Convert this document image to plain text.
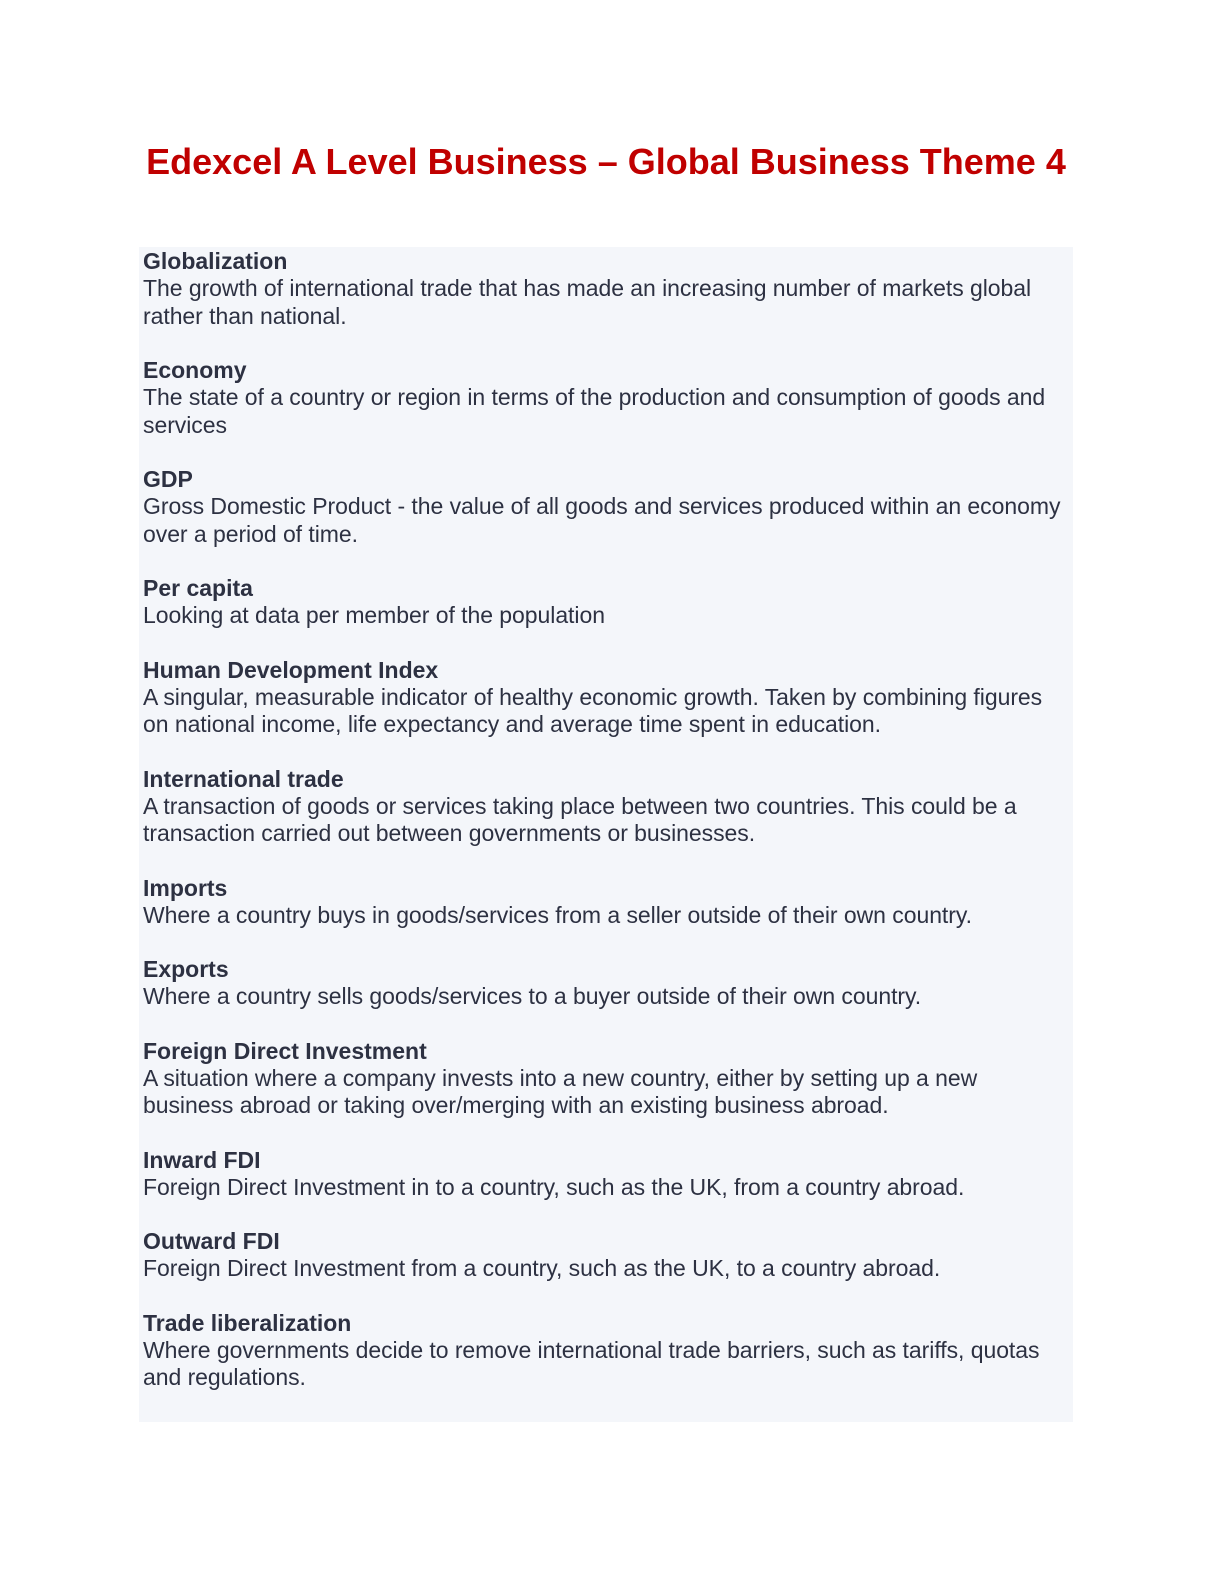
Edexcel A Level Business – Global Business Theme 4
Globalization
The growth of international trade that has made an increasing number of markets global rather than national.
Economy
The state of a country or region in terms of the production and consumption of goods and services
GDP
Gross Domestic Product - the value of all goods and services produced within an economy over a period of time.
Per capita
Looking at data per member of the population
Human Development Index
A singular, measurable indicator of healthy economic growth. Taken by combining figures on national income, life expectancy and average time spent in education.
International trade
A transaction of goods or services taking place between two countries. This could be a transaction carried out between governments or businesses.
Imports
Where a country buys in goods/services from a seller outside of their own country.
Exports
Where a country sells goods/services to a buyer outside of their own country.
Foreign Direct Investment
A situation where a company invests into a new country, either by setting up a new business abroad or taking over/merging with an existing business abroad.
Inward FDI
Foreign Direct Investment in to a country, such as the UK, from a country abroad.
Outward FDI
Foreign Direct Investment from a country, such as the UK, to a country abroad.
Trade liberalization
Where governments decide to remove international trade barriers, such as tariffs, quotas and regulations.
